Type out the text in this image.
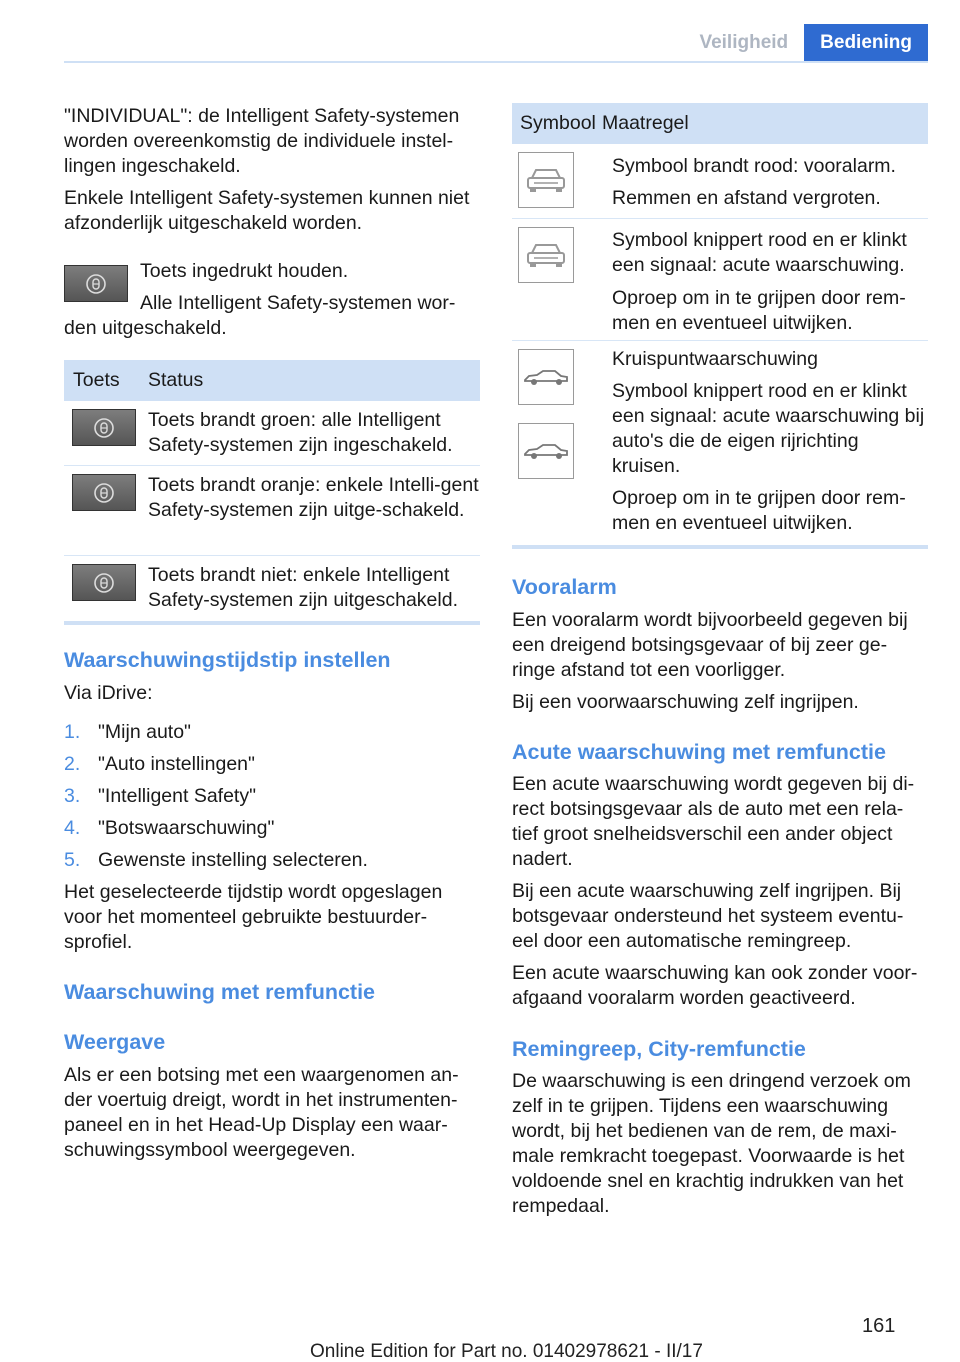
Veiligheid	Bediening

"INDIVIDUAL": de Intelligent Safety-systemen worden overeenkomstig de individuele instel-lingen ingeschakeld.

Enkele Intelligent Safety-systemen kunnen niet afzonderlijk uitgeschakeld worden.

Toets ingedrukt houden.

Alle Intelligent Safety-systemen wor-

den uitgeschakeld.

Toets	Status
Toets brandt groen: alle Intelligent Safety-systemen zijn ingeschakeld.
Toets brandt oranje: enkele Intelli-gent Safety-systemen zijn uitge-schakeld.
Toets brandt niet: enkele Intelligent Safety-systemen zijn uitgeschakeld.
Waarschuwingstijdstip instellen

Via iDrive:

1. "Mijn auto"
2. "Auto instellingen"
3. "Intelligent Safety"
4. "Botswaarschuwing"
5. Gewenste instelling selecteren.

Het geselecteerde tijdstip wordt opgeslagen voor het momenteel gebruikte bestuurder-sprofiel.

Waarschuwing met remfunctie
Weergave

Als er een botsing met een waargenomen an-der voertuig dreigt, wordt in het instrumenten-paneel en in het Head-Up Display een waar-schuwingssymbool weergegeven.

Symbool Maatregel

Symbool brandt rood: vooralarm.

Remmen en afstand vergroten.

Symbool knippert rood en er klinkt een signaal: acute waarschuwing.

Oproep om in te grijpen door rem-men en eventueel uitwijken.

Kruispuntwaarschuwing

Symbool knippert rood en er klinkt een signaal: acute waarschuwing bij auto's die de eigen rijrichting kruisen.

Oproep om in te grijpen door rem-men en eventueel uitwijken.

Vooralarm

Een vooralarm wordt bijvoorbeeld gegeven bij een dreigend botsingsgevaar of bij zeer ge-ringe afstand tot een voorligger.

Bij een voorwaarschuwing zelf ingrijpen.

Acute waarschuwing met remfunctie

Een acute waarschuwing wordt gegeven bij di-rect botsingsgevaar als de auto met een rela-tief groot snelheidsverschil een ander object nadert.

Bij een acute waarschuwing zelf ingrijpen. Bij botsgevaar ondersteund het systeem eventu-eel door een automatische remingreep.

Een acute waarschuwing kan ook zonder voor-afgaand vooralarm worden geactiveerd.

Remingreep, City-remfunctie

De waarschuwing is een dringend verzoek om zelf in te grijpen. Tijdens een waarschuwing wordt, bij het bedienen van de rem, de maxi-male remkracht toegepast. Voorwaarde is het voldoende snel en krachtig indrukken van het rempedaal.

161
Online Edition for Part no. 01402978621 - II/17
